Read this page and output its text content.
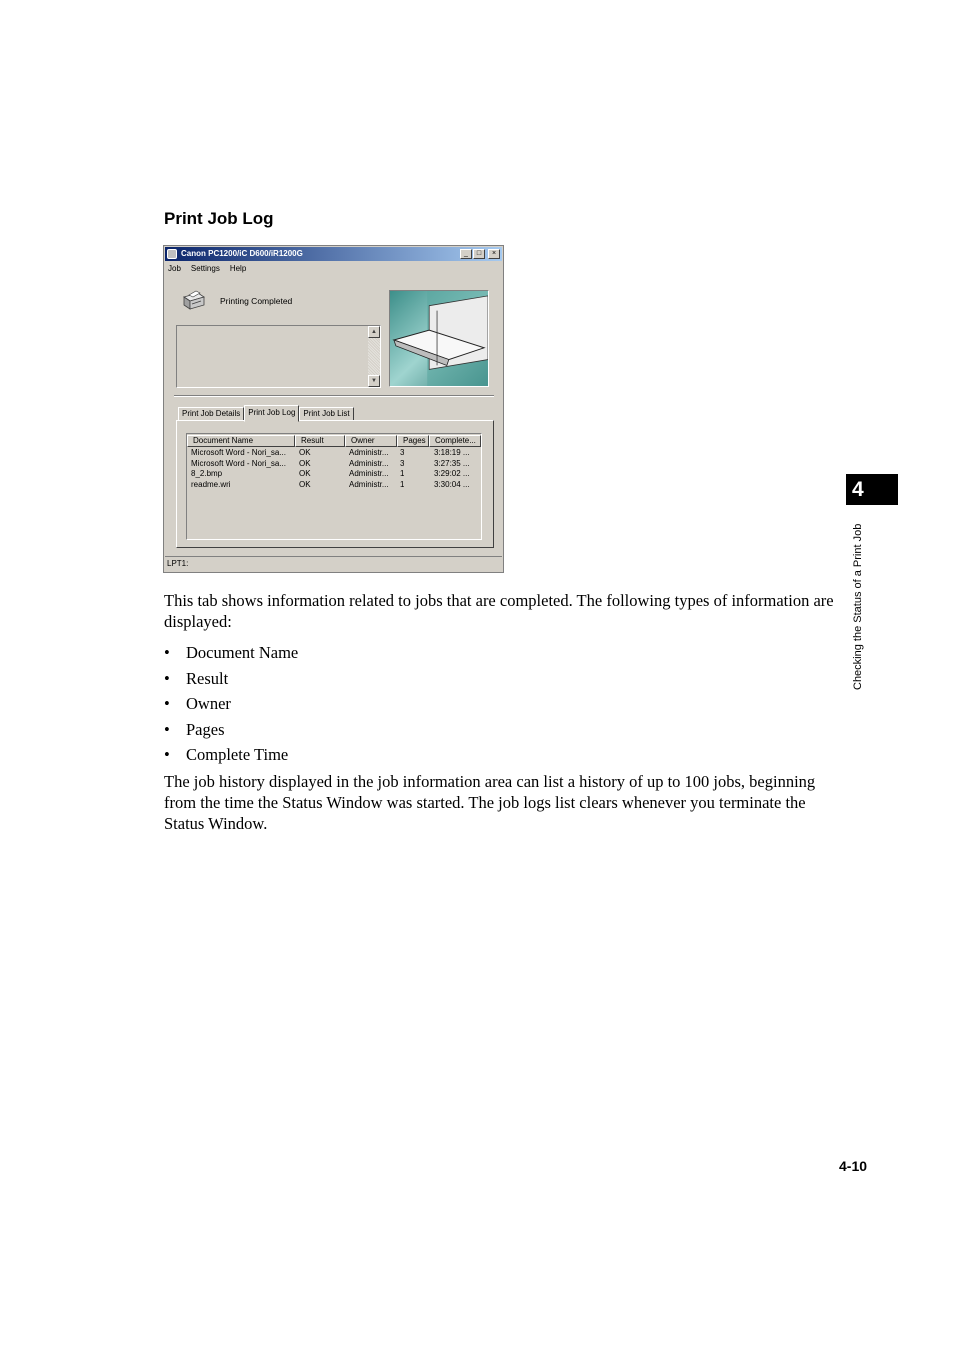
Print Job Log
Canon PC1200/iC D600/iR1200G	_	□	×
Job Settings Help
Printing Completed
▲
▼
Print Job Details	Print Job Log	Print Job List
Document Name	Result	Owner	Pages	Complete...
Microsoft Word - Nori_sa...	OK	Administr... 3	3:18:19 ...
Microsoft Word - Nori_sa...	OK	Administr... 3	3:27:35 ...
8_2.bmp	OK	Administr... 1	3:29:02 ...
readme.wri	OK	Administr... 1	3:30:04 ...
LPT1:

This tab shows information related to jobs that are completed. The following types of information are displayed:

• Document Name
• Result
• Owner
• Pages
• Complete Time

The job history displayed in the job information area can list a history of up to 100 jobs, beginning from the time the Status Window was started. The job logs list clears whenever you terminate the Status Window.

4
Checking the Status of a Print Job
4-10
